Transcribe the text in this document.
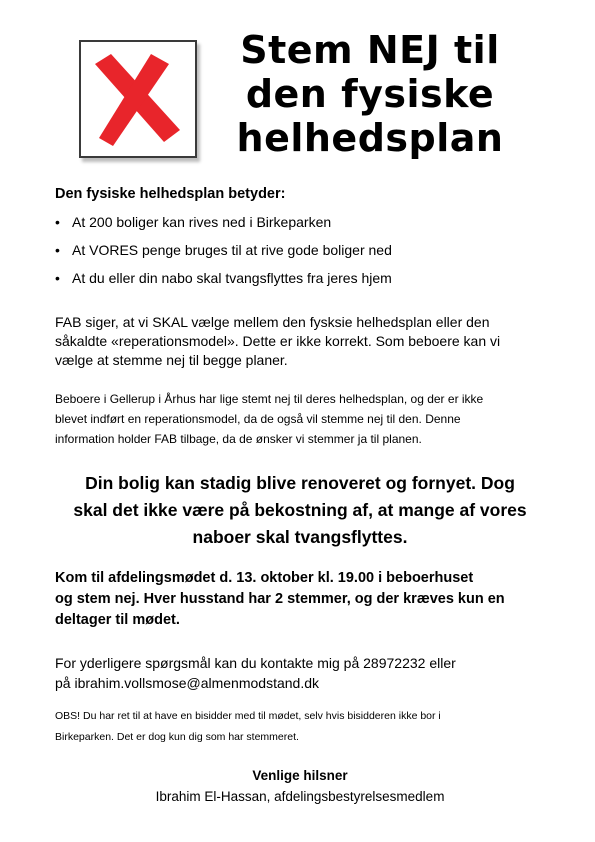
Stem NEJ til
den fysiske
helhedsplan
Den fysiske helhedsplan betyder:
• At 200 boliger kan rives ned i Birkeparken
• At VORES penge bruges til at rive gode boliger ned
• At du eller din nabo skal tvangsflyttes fra jeres hjem
FAB siger, at vi SKAL vælge mellem den fysksie helhedsplan eller den
såkaldte «reperationsmodel». Dette er ikke korrekt. Som beboere kan vi
vælge at stemme nej til begge planer.
Beboere i Gellerup i Århus har lige stemt nej til deres helhedsplan, og der er ikke
blevet indført en reperationsmodel, da de også vil stemme nej til den. Denne
information holder FAB tilbage, da de ønsker vi stemmer ja til planen.
Din bolig kan stadig blive renoveret og fornyet. Dog
skal det ikke være på bekostning af, at mange af vores
naboer skal tvangsflyttes.
Kom til afdelingsmødet d. 13. oktober kl. 19.00 i beboerhuset
og stem nej. Hver husstand har 2 stemmer, og der kræves kun en
deltager til mødet.
For yderligere spørgsmål kan du kontakte mig på 28972232 eller
på ibrahim.vollsmose@almenmodstand.dk
OBS! Du har ret til at have en bisidder med til mødet, selv hvis bisidderen ikke bor i
Birkeparken. Det er dog kun dig som har stemmeret.
Venlige hilsner
Ibrahim El-Hassan, afdelingsbestyrelsesmedlem
